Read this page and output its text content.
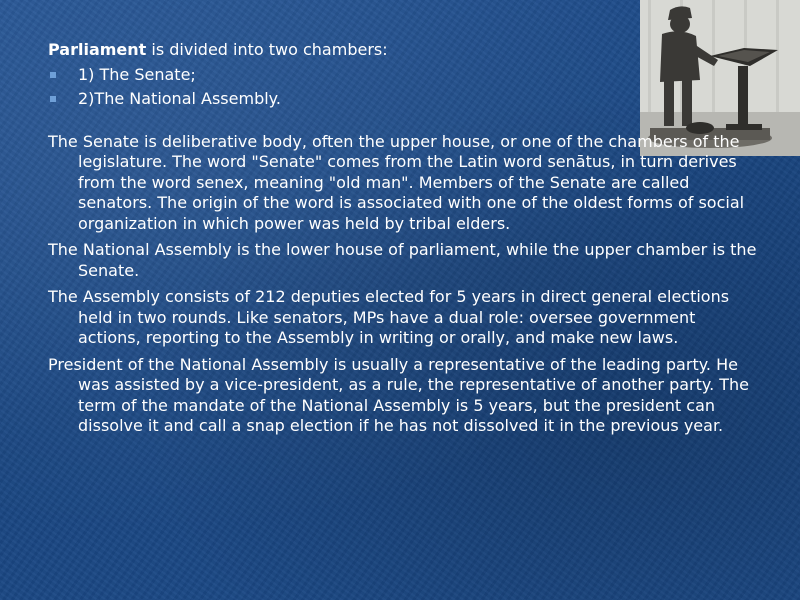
Parliament is divided into two chambers:

1) The Senate;
2)The National Assembly.

The Senate is deliberative body, often the upper house, or one of the chambers of the legislature. The word "Senate" comes from the Latin word senātus, in turn derives from the word senex, meaning "old man". Members of the Senate are called senators. The origin of the word is associated with one of the oldest forms of social organization in which power was held by tribal elders.

The National Assembly is the lower house of parliament, while the upper chamber is the Senate.

The Assembly consists of 212 deputies elected for 5 years in direct general elections held in two rounds. Like senators, MPs have a dual role: oversee government actions, reporting to the Assembly in writing or orally, and make new laws.

President of the National Assembly is usually a representative of the leading party. He was assisted by a vice-president, as a rule, the representative of another party. The term of the mandate of the National Assembly is 5 years, but the president can dissolve it and call a snap election if he has not dissolved it in the previous year.
